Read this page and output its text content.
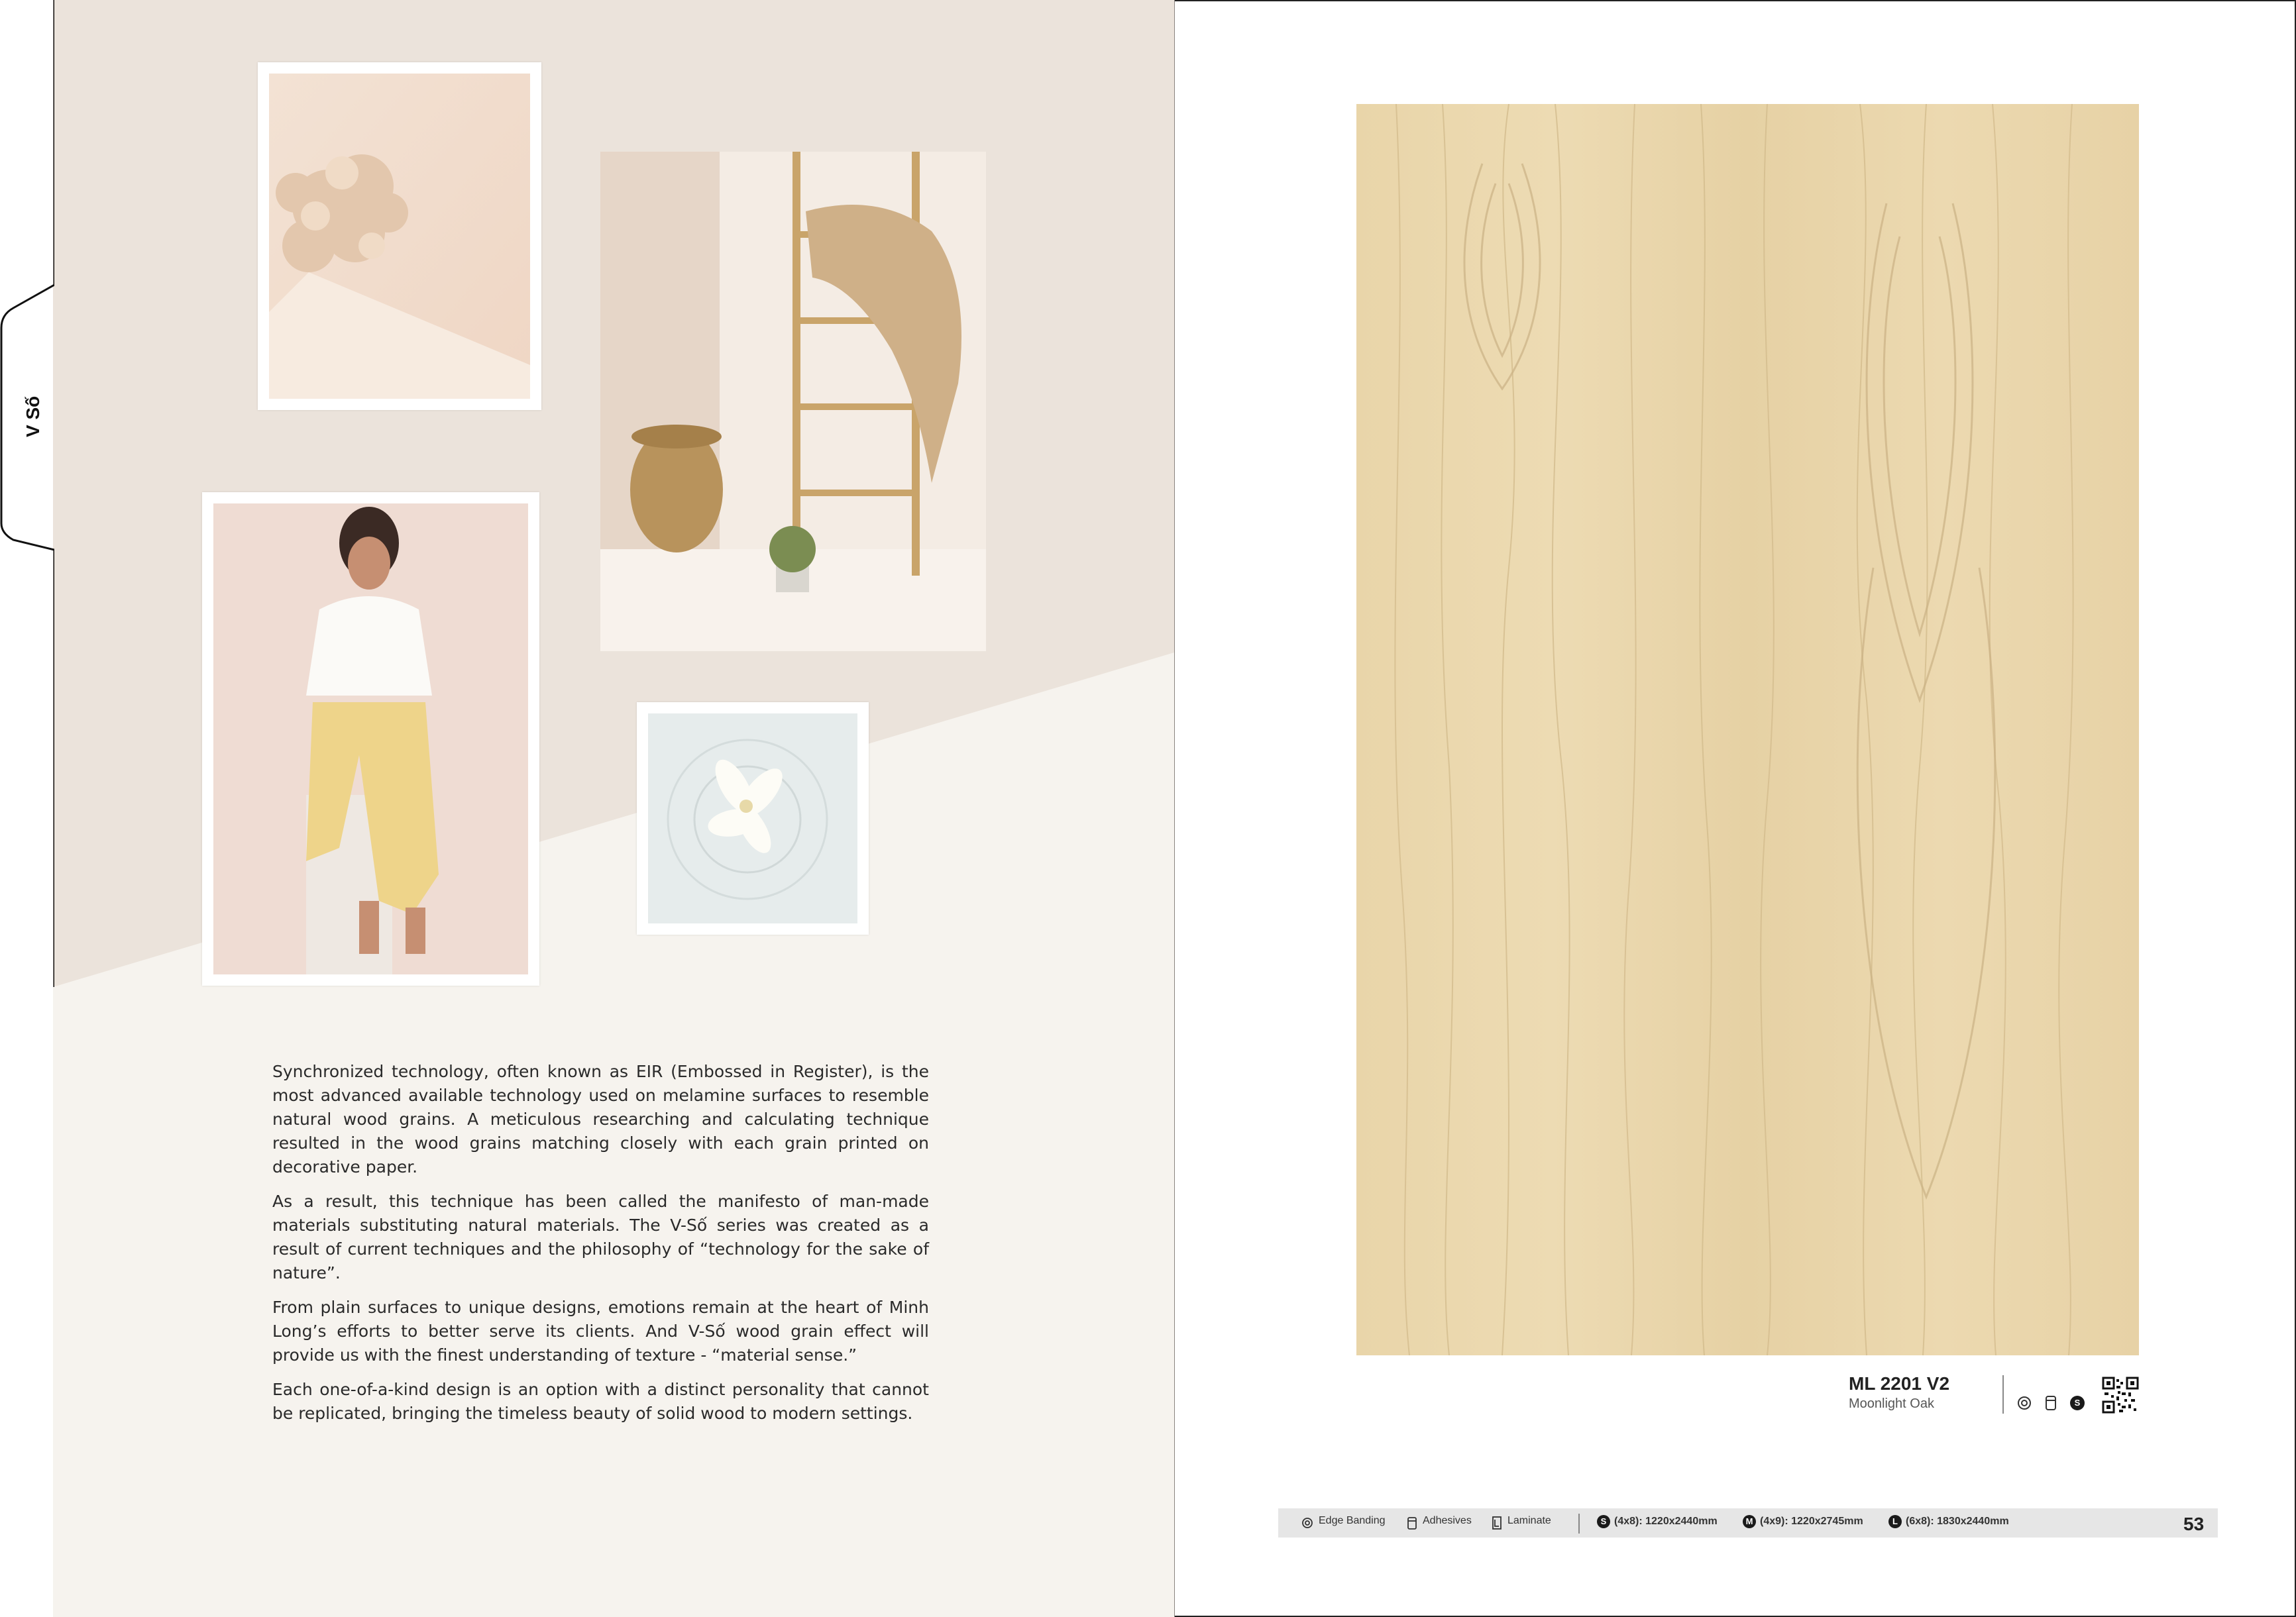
V Số

Synchronized technology, often known as EIR (Embossed in Register), is the most advanced available technology used on melamine surfaces to resemble natural wood grains. A meticulous researching and calculating technique resulted in the wood grains matching closely with each grain printed on decorative paper.

As a result, this technique has been called the manifesto of man-made materials substituting natural materials. The V-Số series was created as a result of current techniques and the philosophy of “technology for the sake of nature”.

From plain surfaces to unique designs, emotions remain at the heart of Minh Long’s efforts to better serve its clients. And V-Số wood grain effect will provide us with the finest understanding of texture - “material sense.”

Each one-of-a-kind design is an option with a distinct personality that cannot be replicated, bringing the timeless beauty of solid wood to modern settings.

ML 2201 V2
Moonlight Oak	S
Edge Banding	Adhesives	Laminate	S (4x8): 1220x2440mm	M (4x9): 1220x2745mm	L (6x8): 1830x2440mm	53
